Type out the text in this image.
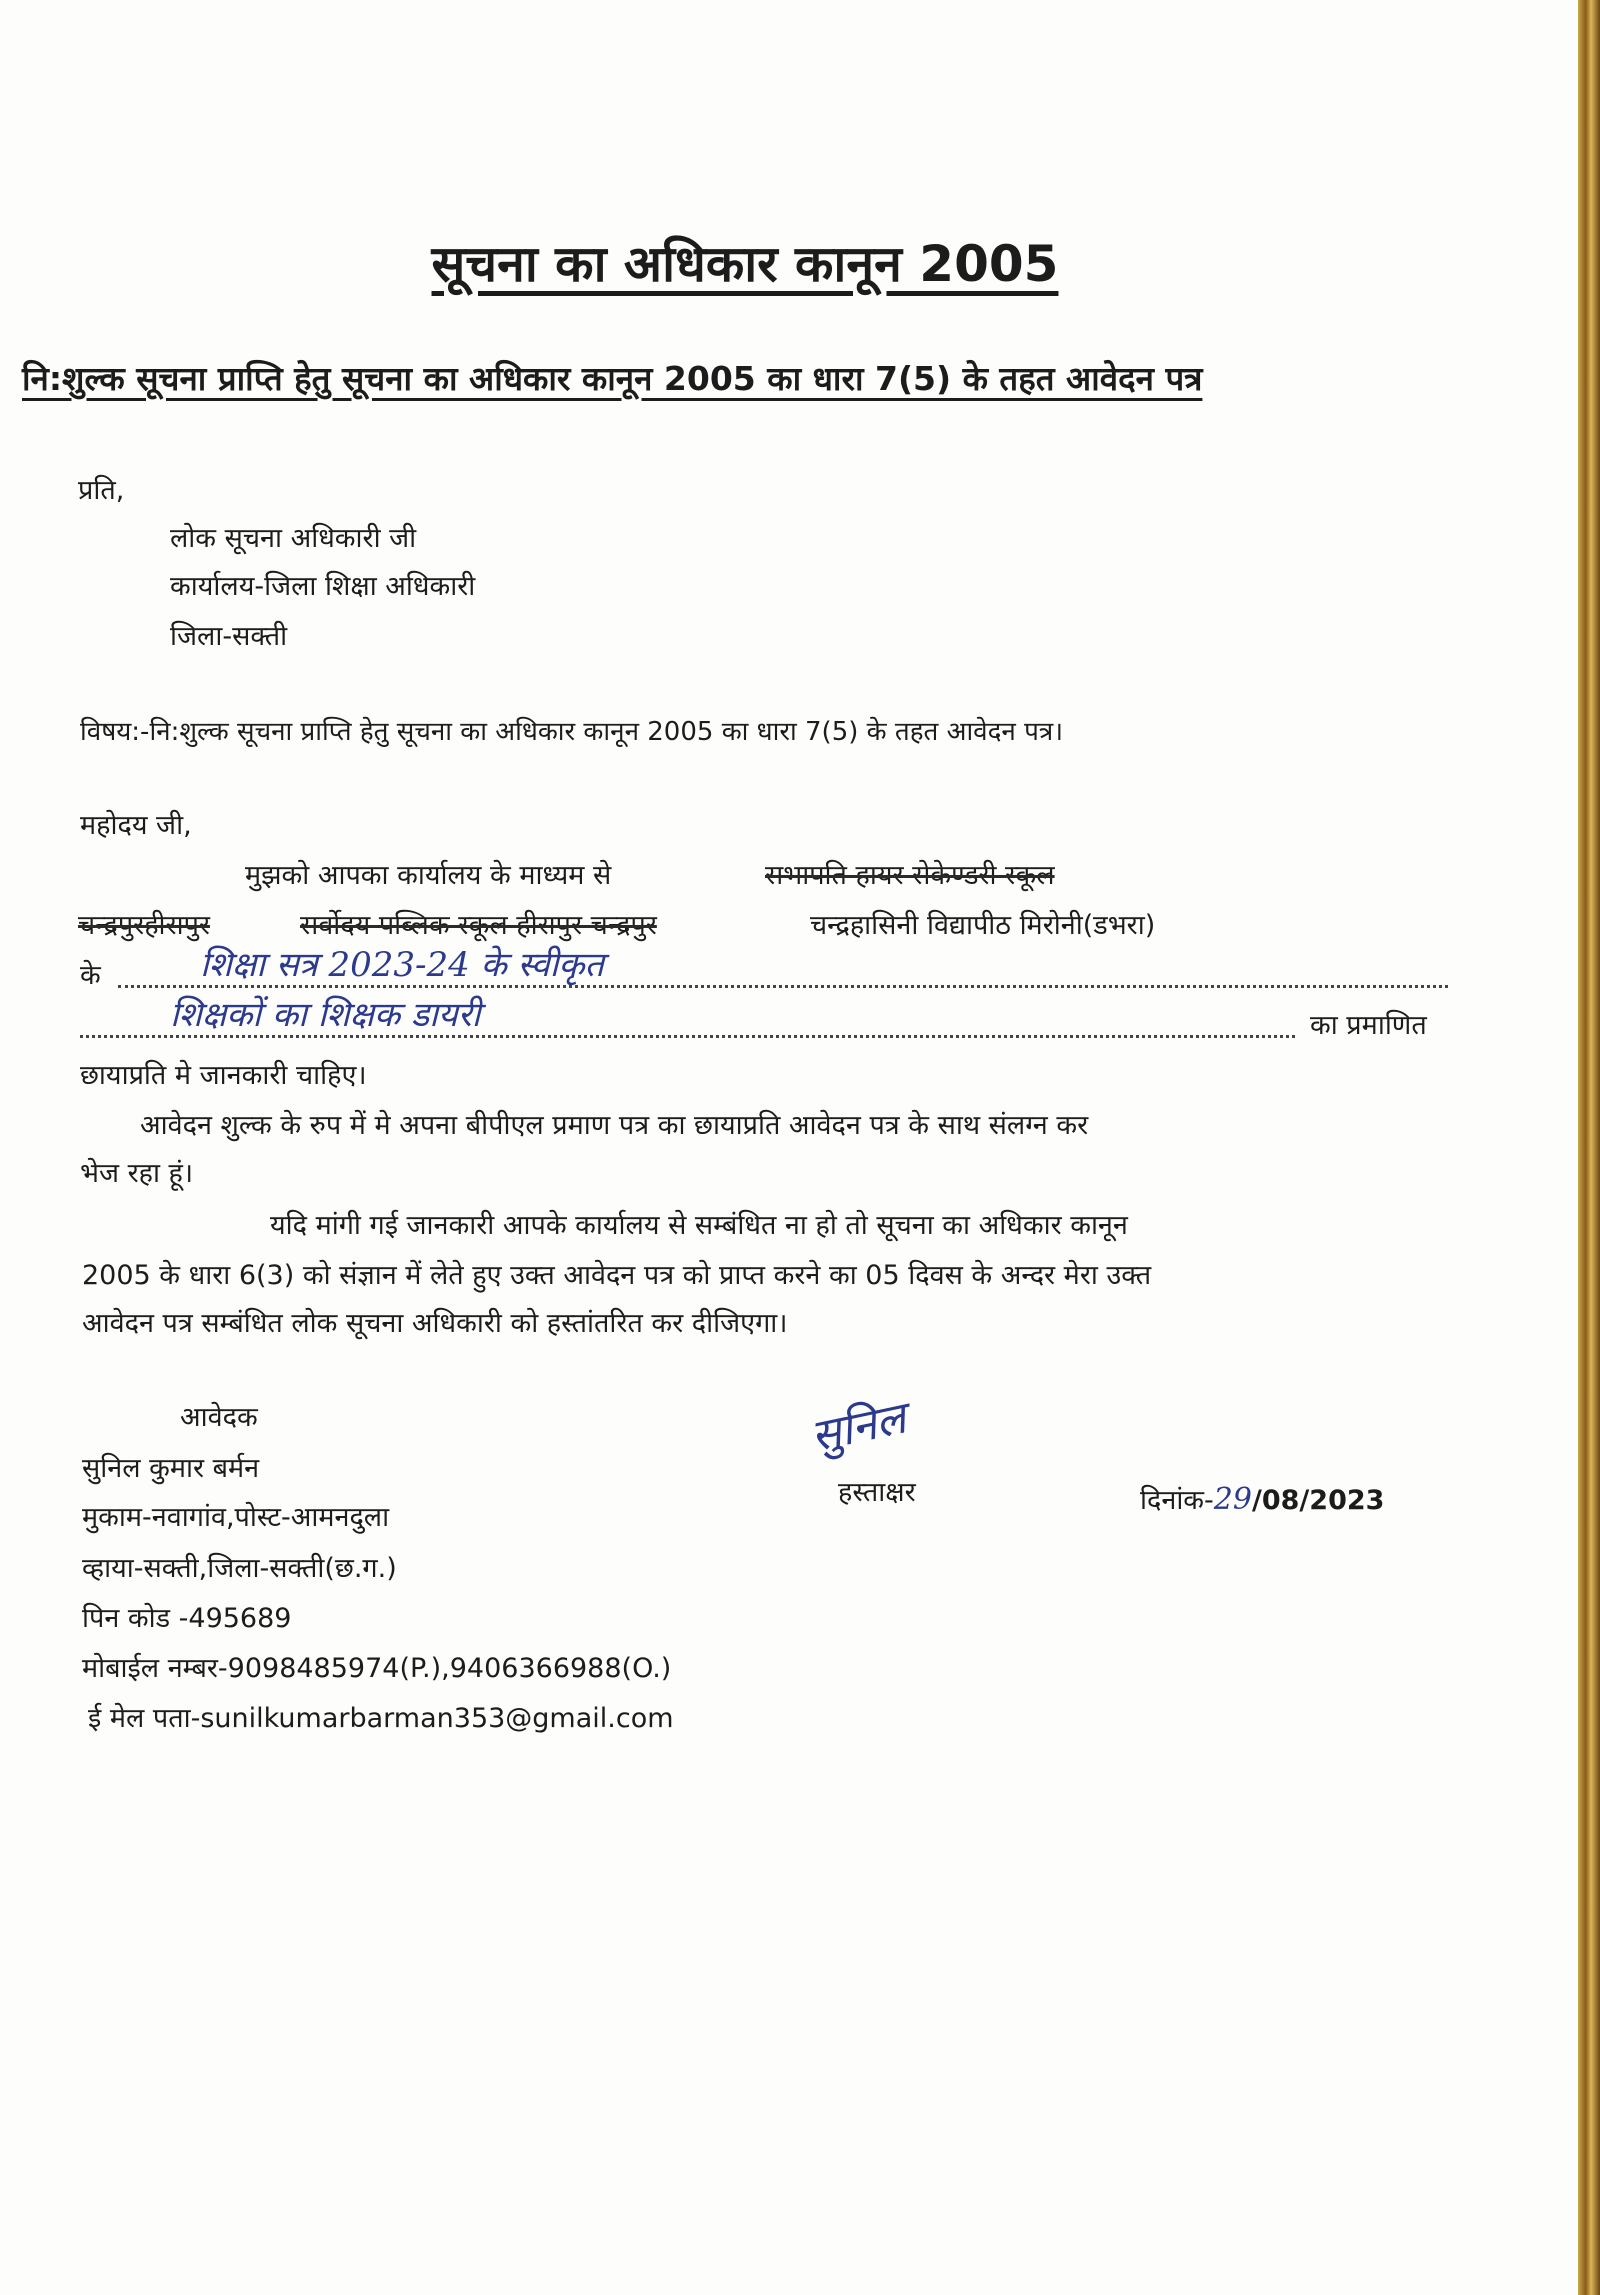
सूचना का अधिकार कानून 2005
नि:शुल्क सूचना प्राप्ति हेतु सूचना का अधिकार कानून 2005 का धारा 7(5) के तहत आवेदन पत्र
प्रति,
लोक सूचना अधिकारी जी
कार्यालय-जिला शिक्षा अधिकारी
जिला-सक्ती
विषय:-नि:शुल्क सूचना प्राप्ति हेतु सूचना का अधिकार कानून 2005 का धारा 7(5) के तहत आवेदन पत्र।
महोदय जी,
मुझको आपका कार्यालय के माध्यम से	सभापति हायर सेकेण्डरी स्कूल
चन्द्रपुरहीरापुर	सर्वोदय पब्लिक स्कूल हीरापुर चन्द्रपुर	चन्द्रहासिनी विद्यापीठ मिरोनी(डभरा)
के	शिक्षा सत्र 2023-24 के स्वीकृत
शिक्षकों का शिक्षक डायरी	का प्रमाणित
छायाप्रति मे जानकारी चाहिए।
आवेदन शुल्क के रुप में मे अपना बीपीएल प्रमाण पत्र का छायाप्रति आवेदन पत्र के साथ संलग्न कर
भेज रहा हूं।
यदि मांगी गई जानकारी आपके कार्यालय से सम्बंधित ना हो तो सूचना का अधिकार कानून
2005 के धारा 6(3) को संज्ञान में लेते हुए उक्त आवेदन पत्र को प्राप्त करने का 05 दिवस के अन्दर मेरा उक्त
आवेदन पत्र सम्बंधित लोक सूचना अधिकारी को हस्तांतरित कर दीजिएगा।
आवेदक
सुनिल कुमार बर्मन
मुकाम-नवागांव,पोस्ट-आमनदुला
व्हाया-सक्ती,जिला-सक्ती(छ.ग.)
पिन कोड -495689
मोबाईल नम्बर-9098485974(P.),9406366988(O.)
ई मेल पता-sunilkumarbarman353@gmail.com
सुनिल
हस्ताक्षर	दिनांक-29/08/2023
